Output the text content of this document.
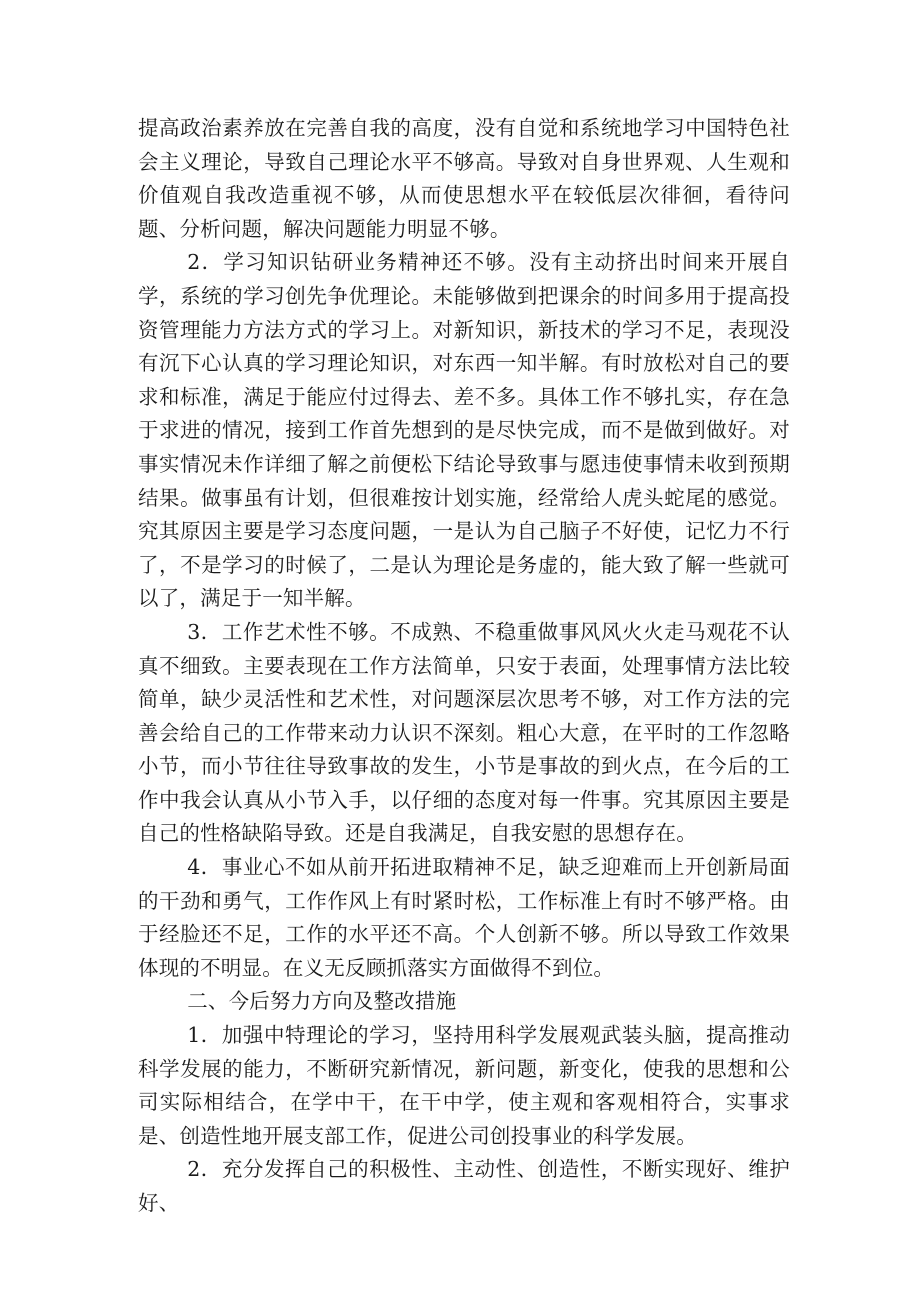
提高政治素养放在完善自我的高度，没有自觉和系统地学习中国特色社会主义理论，导致自己理论水平不够高。导致对自身世界观、人生观和价值观自我改造重视不够，从而使思想水平在较低层次徘徊，看待问题、分析问题，解决问题能力明显不够。

2．学习知识钻研业务精神还不够。没有主动挤出时间来开展自学，系统的学习创先争优理论。未能够做到把课余的时间多用于提高投资管理能力方法方式的学习上。对新知识，新技术的学习不足，表现没有沉下心认真的学习理论知识，对东西一知半解。有时放松对自己的要求和标准，满足于能应付过得去、差不多。具体工作不够扎实，存在急于求进的情况，接到工作首先想到的是尽快完成，而不是做到做好。对事实情况未作详细了解之前便松下结论导致事与愿违使事情未收到预期结果。做事虽有计划，但很难按计划实施，经常给人虎头蛇尾的感觉。究其原因主要是学习态度问题，一是认为自己脑子不好使，记忆力不行了，不是学习的时候了，二是认为理论是务虚的，能大致了解一些就可以了，满足于一知半解。

3．工作艺术性不够。不成熟、不稳重做事风风火火走马观花不认真不细致。主要表现在工作方法简单，只安于表面，处理事情方法比较简单，缺少灵活性和艺术性，对问题深层次思考不够，对工作方法的完善会给自己的工作带来动力认识不深刻。粗心大意，在平时的工作忽略小节，而小节往往导致事故的发生，小节是事故的到火点，在今后的工作中我会认真从小节入手，以仔细的态度对每一件事。究其原因主要是自己的性格缺陷导致。还是自我满足，自我安慰的思想存在。

4．事业心不如从前开拓进取精神不足，缺乏迎难而上开创新局面的干劲和勇气，工作作风上有时紧时松，工作标准上有时不够严格。由于经脸还不足，工作的水平还不高。个人创新不够。所以导致工作效果体现的不明显。在义无反顾抓落实方面做得不到位。

二、今后努力方向及整改措施

1．加强中特理论的学习，坚持用科学发展观武装头脑，提高推动科学发展的能力，不断研究新情况，新问题，新变化，使我的思想和公司实际相结合，在学中干，在干中学，使主观和客观相符合，实事求是、创造性地开展支部工作，促进公司创投事业的科学发展。

2．充分发挥自己的积极性、主动性、创造性，不断实现好、维护好、
